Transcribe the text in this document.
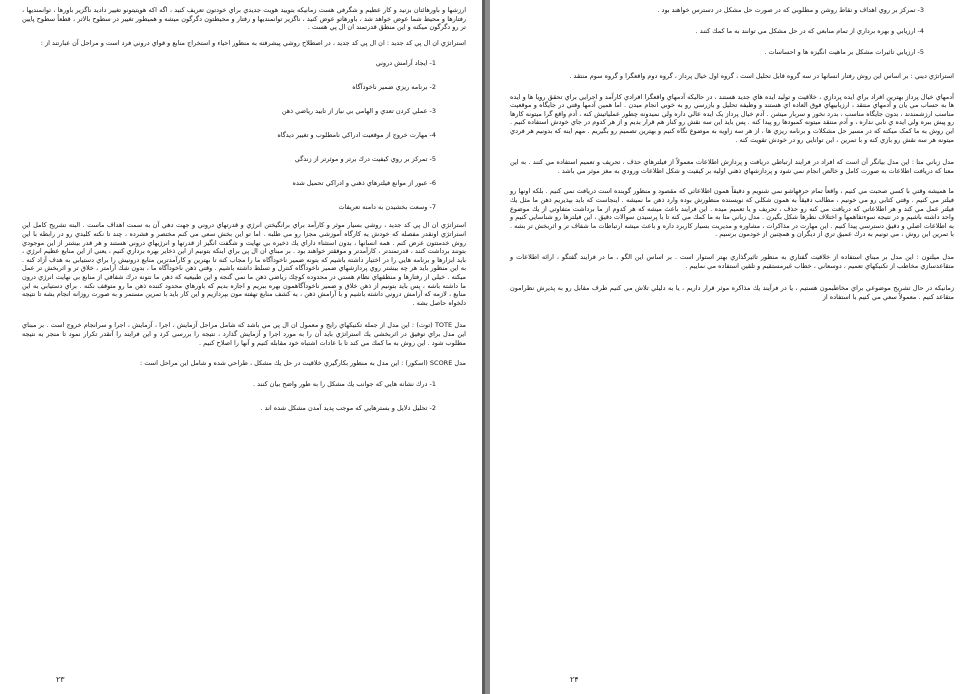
ارزشها و باورهائتان بزنيد و كار عظيم و شگرفي هست زمانيكه بتوييد هويت جديدي براي خودتون تعريف كنيد ، اگه اكه هويتيتونو تغيير داديد ناگزير باورها ، توانمنديها ، رفتارها و محيط شما عوض خواهد شد ، باورهاتو عوض كنيد ، ناگزير توانمنديها و رفتار و محيطتون دگرگون ميشه و هميطور تغيير در سطوح بالاتر ، قطعاً سطوح پايين تر رو دگرگون ميكنه و اين منطق قدرتمند ان ال پي هست .

استراتژي ان ال پي كد جديد : ان ال پي كد جديد ، در اصطلاح روشي پيشرفته به منظور احياء و استخراج منابع و قواي دروني فرد است و مراحل آن عبارتند از :

1- ايجاد آرامش دروني

2- برنامه ريزي ضمير ناخودآگاه

3- عملي كردن تعدي و الهامي بي نياز از تاييد رياضي ذهن

4- مهارت خروج از موقعيت ادراكي نامطلوب و تغيير ديدگاه

5- تمركز بر روي كيفيت درك برتر و موثرتر از زندگي

6- عبور از موانع فيلترهاي ذهني و ادراكي تحميل شده

7- وسعت بخشيدن به دامنه تعريفات

استراتژي ان ال پي كد جديد ، روشي بسيار موثر و كارآمد براي برانگيختن انرژي و قدرتهاي دروني و جهت دهي آن به سمت اهداف ماست . البته تشريح كامل اين استراتژي اونقدر مفصله كه خودش يه كارگاه آموزشي مجزا رو مي طلبه . اما تو اين بخش سعي مي كنم مختصر و فشرده ، چند تا نكته كليدي رو در رابطه با اين روش خدمتتون عرض كنم . همه انسانها ، بدون استثناء داراي يك ذخيره بي نهايت و شگفت انگيز از قدرتها و انرژيهاي دروني هستند و هر قدر بيشتر از اين موجودي بتونند برداشت كنند ، قدرتمندتر ، كارآمدتر و موفقتر خواهند بود . بر مبناي ان ال پي براي اينكه بتونيم از اين ذخاير بهره برداري كنيم ، يعني از اين منابع عظيم انرژي ، بايد ابزارها و برنامه هايي را در اختيار داشته باشيم كه بتونه ضمير ناخودآگاه ما را مجاب كنه تا بهترين و كارآمدترين منابع درونيش را براي دستيابي به هدف آزاد كنه . به اين منظور بايد هر چه بيشتر روي پردازشهاي ضمير ناخودآگاه كنترل و تسلط داشته باشيم . وقتي ذهن ناخودآگاه ما ، بدون شك آرامتر ، خلاق تر و اثربخش تر عمل ميكنه . خيلي از رفتارها و منطقهاي نظام هستي در محدوده كوچك رياضي ذهن ما نمي گنجه و اين طبيعيه كه ذهن ما نتونه درك شفافي از منابع بي نهايت انرژي درون ما داشته باشه ، پس بايد بتونيم از ذهن خلاق و ضمير ناخودآگاهمون بهره ببريم و اجازه بديم كه باورهاي محدود كننده ذهن ما رو متوقف نكنه . براي دستيابي به اين منابع ، لازمه كه آرامش دروني داشته باشيم و با آرامش ذهن ، به كشف منابع نهفته مون بپردازيم و اين كار بايد با تمرين مستمر و به صورت روزانه انجام بشه تا نتيجه دلخواه حاصل بشه .

مدل TOTE (توت) : اين مدل از جمله تكنيكهاي رايج و معمول ان ال پي مي باشد كه شامل مراحل آزمايش ، اجرا ، آزمايش ، اجرا و سرانجام خروج است . بر مبناي اين مدل براي توفيق در اثربخشي يك استراتژي بايد آن را به مورد اجرا و آزمايش گذارد ، نتيجه را بررسي كرد و اين فرايند را آنقدر تكرار نمود تا منجر به نتيجه مطلوب شود . اين روش به ما كمك مي كند تا با عادات اشتباه خود مقابله كنيم و آنها را اصلاح كنيم .

مدل SCORE (اسكور) : اين مدل به منظور بكارگيري خلاقيت در حل يك مشكل ، طراحي شده و شامل اين مراحل است :

1- درك نشانه هايي كه جوانب يك مشكل را به طور واضح بيان كنند .

2- تحليل دلايل و بسترهايي كه موجب پديد آمدن مشكل شده اند .

3- تمركز بر روي اهداف و نقاط روشن و مطلوبي كه در صورت حل مشكل در دسترس خواهند بود .

4- ارزيابي و بهره برداري از تمام منابعي كه در حل مشكل مي توانند به ما كمك كنند .

5- ارزيابي تاثيرات مشكل بر ماهيت انگيزه ها و احساسات .

استراتژي ديني : بر اساس اين روش رفتار انسانها در سه گروه قابل تحليل است ، گروه اول خيال پرداز ، گروه دوم واقعگرا و گروه سوم منتقد .

آدمهاي خيال پرداز بهترين افراد براي ايده پردازي ، خلاقيت و توليد ايده هاي جديد هستند ، در حاليكه آدمهاي واقعگرا افرادي كارآمد و اجرايي براي تحقق رويا ها و ايده ها به حساب مي يان و آدمهاي منتقد ، ارزيابيهاي فوق العاده اي هستند و وظيفه تحليل و بازرسي رو به خوبي انجام ميدن . اما همين آدمها وقتي در جايگاه و موقعيت مناسب ارزشمندند ، بدون جايگاه مناسب ، بدرد نخور و سربار ميشن . آدم خيال پرداز يک ايده عالي داره ولي نميدونه چطور عملياتيش کنه ، آدم واقع گرا ميتونه کارها رو پيش ببره ولي ايده ي نابي نداره ، و آدم منتقد ميتونه کمبودها رو پيدا کنه . پس بايد اين سه نقش رو کنار هم قرار بديم و از هر کدوم در جاي خودش استفاده کنيم . اين روش به ما کمک ميکنه که در مسير حل مشکلات و برنامه ريزي ها ، از هر سه زاويه به موضوع نگاه کنيم و بهترين تصميم رو بگيريم . مهم اينه که بدونيم هر فردي ميتونه هر سه نقش رو بازي کنه و با تمرين ، اين توانايي رو در خودش تقويت کنه .

مدل زباني متا : اين مدل بيانگر آن است كه افراد در فرايند ارتباطي دريافت و پردازش اطلاعات معمولاً از فيلترهاي حذف ، تحريف و تعميم استفاده مي كنند . به اين معنا كه دريافت اطلاعات به صورت كامل و خالص انجام نمي شود و پردازشهاي ذهني اوليه بر كيفيت و شكل اطلاعات ورودي به مغز موثر مي باشد .

ما هميشه وقتي با كسي صحبت مي كنيم ، واقعاً تمام حرفهاشو نمي شنويم و دقيقاً همون اطلاعاتي كه مقصود و منظور گوينده است دريافت نمي كنيم . بلكه اونها رو فيلتر مي كنيم . وقتي كتابي رو مي خونيم ، مطالب دقيقاً به همون شكلي كه نويسنده منظورش بوده وارد ذهن ما نميشه . اينجاست كه بايد بپذيريم ذهن ما مثل يك فيلتر عمل مي كند و هر اطلاعاتي كه دريافت مي كنه رو حذف ، تحريف و يا تعميم ميده . اين فرايند باعث ميشه كه هر كدوم از ما برداشت متفاوتي از يك موضوع واحد داشته باشيم و در نتيجه سوءتفاهمها و اختلاف نظرها شكل بگيرن . مدل زباني متا به ما كمك مي كنه تا با پرسيدن سوالات دقيق ، اين فيلترها رو شناسايي كنيم و به اطلاعات اصلي و دقيق دسترسي پيدا كنيم . اين مهارت در مذاكرات ، مشاوره و مديريت بسيار كاربرد داره و باعث ميشه ارتباطات ما شفاف تر و اثربخش تر بشه . با تمرين اين روش ، مي تونيم به درك عميق تري از ديگران و همچنين از خودمون برسيم .

مدل ميلتون : اين مدل بر مبناي استفاده از خلاقيت گفتاري به منظور تاثيرگذاري بهتر استوار است . بر اساس اين الگو ، ما در فرايند گفتگو ، ارائه اطلاعات و متقاعدسازي مخاطب از تكنيكهاي تعميم ، دوسعاني ، خطاب غيرمستقيم و تلقين استفاده مي نماييم .

زمانيكه در حال تشريح موضوعي براي مخاطبمون هستيم ، يا در فرآيند يك مذاكره موثر قرار داريم ، يا به دليلي تلاش مي كنيم طرف مقابل رو به پذيرش نظرامون متقاعد كنيم . معمولاً سعي مي كنيم با استفاده از

۲۳	۲۴
